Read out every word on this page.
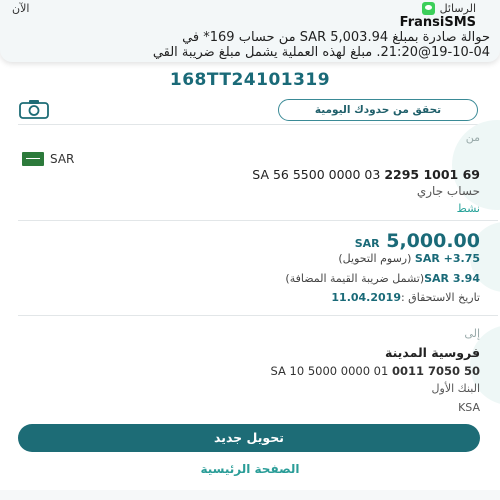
الرسائل
الآن
FransiSMS
حوالة صادرة بمبلغ SAR 5,003.94 من حساب 169* في
19-10-04@21:20. مبلغ لهذه العملية يشمل مبلغ ضريبة القي
168TT24101319
تحقق من حدودك اليومية
من
SAR
SA 56 5500 0000 03 2295 1001 69
حساب جاري
نشط
SAR 5,000.00
SAR +3.75 (رسوم التحويل)
SAR 3.94(تشمل ضريبة القيمة المضافة)
تاريخ الاستحقاق :11.04.2019
إلى
فروسية المدينة
SA 10 5000 0000 01 0011 7050 50
البنك الأول
KSA
تحويل جديد
الصفحة الرئيسية
